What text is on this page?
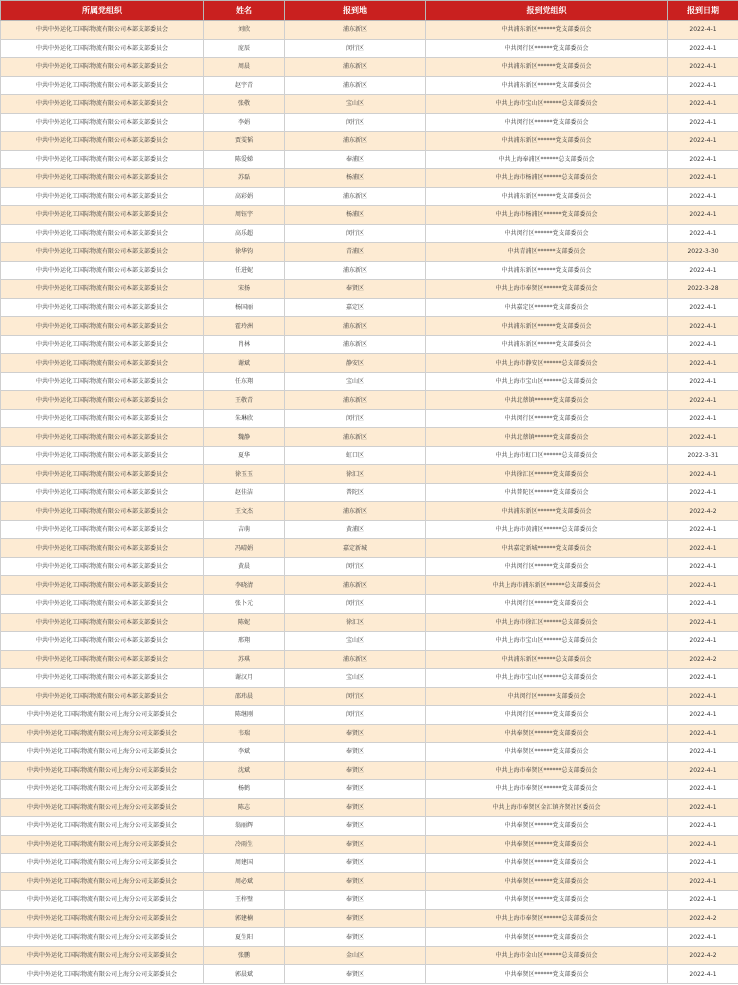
所属党组织	姓名	报到地	报到党组织	报到日期
中共中外运化工国际物流有限公司本部支部委员会	刘欣	浦东新区	中共浦东新区******党支部委员会	2022-4-1
中共中外运化工国际物流有限公司本部支部委员会	庞辰	闵行区	中共闵行区******党支部委员会	2022-4-1
中共中外运化工国际物流有限公司本部支部委员会	周晨	浦东新区	中共浦东新区******党支部委员会	2022-4-1
中共中外运化工国际物流有限公司本部支部委员会	赵宇青	浦东新区	中共浦东新区******党支部委员会	2022-4-1
中共中外运化工国际物流有限公司本部支部委员会	张敬	宝山区	中共上海市宝山区******总支部委员会	2022-4-1
中共中外运化工国际物流有限公司本部支部委员会	李娟	闵行区	中共闵行区******党支部委员会	2022-4-1
中共中外运化工国际物流有限公司本部支部委员会	贾雯韬	浦东新区	中共浦东新区******党支部委员会	2022-4-1
中共中外运化工国际物流有限公司本部支部委员会	陈爱娣	奉浦区	中共上海奉浦区******总支部委员会	2022-4-1
中共中外运化工国际物流有限公司本部支部委员会	苏磊	杨浦区	中共上海市杨浦区******总支部委员会	2022-4-1
中共中外运化工国际物流有限公司本部支部委员会	高彩娟	浦东新区	中共浦东新区******党支部委员会	2022-4-1
中共中外运化工国际物流有限公司本部支部委员会	周钰宇	杨浦区	中共上海市杨浦区******党支部委员会	2022-4-1
中共中外运化工国际物流有限公司本部支部委员会	高乐超	闵行区	中共闵行区******党支部委员会	2022-4-1
中共中外运化工国际物流有限公司本部支部委员会	徐华钧	青浦区	中共青浦区******支部委员会	2022-3-30
中共中外运化工国际物流有限公司本部支部委员会	任进妮	浦东新区	中共浦东新区******党支部委员会	2022-4-1
中共中外运化工国际物流有限公司本部支部委员会	宋扬	奉贤区	中共上海市奉贤区******党支部委员会	2022-3-28
中共中外运化工国际物流有限公司本部支部委员会	杨国丽	嘉定区	中共嘉定区******党支部委员会	2022-4-1
中共中外运化工国际物流有限公司本部支部委员会	霍玲洲	浦东新区	中共浦东新区******党支部委员会	2022-4-1
中共中外运化工国际物流有限公司本部支部委员会	肖林	浦东新区	中共浦东新区******党支部委员会	2022-4-1
中共中外运化工国际物流有限公司本部支部委员会	谢斌	静安区	中共上海市静安区******总支部委员会	2022-4-1
中共中外运化工国际物流有限公司本部支部委员会	任东翔	宝山区	中共上海市宝山区******总支部委员会	2022-4-1
中共中外运化工国际物流有限公司本部支部委员会	王敬青	浦东新区	中共北蔡镇******党支部委员会	2022-4-1
中共中外运化工国际物流有限公司本部支部委员会	朱琳欣	闵行区	中共闵行区******党支部委员会	2022-4-1
中共中外运化工国际物流有限公司本部支部委员会	魏静	浦东新区	中共北蔡镇******党支部委员会	2022-4-1
中共中外运化工国际物流有限公司本部支部委员会	夏华	虹口区	中共上海市虹口区******总支部委员会	2022-3-31
中共中外运化工国际物流有限公司本部支部委员会	徐玉玉	徐汇区	中共徐汇区******党支部委员会	2022-4-1
中共中外运化工国际物流有限公司本部支部委员会	赵佳洁	普陀区	中共普陀区******党支部委员会	2022-4-1
中共中外运化工国际物流有限公司本部支部委员会	王文杰	浦东新区	中共浦东新区******党支部委员会	2022-4-2
中共中外运化工国际物流有限公司本部支部委员会	吉萌	黄浦区	中共上海市黄浦区******总支部委员会	2022-4-1
中共中外运化工国际物流有限公司本部支部委员会	冯晴娟	嘉定新城	中共嘉定新城******党支部委员会	2022-4-1
中共中外运化工国际物流有限公司本部支部委员会	黄晨	闵行区	中共闵行区******党支部委员会	2022-4-1
中共中外运化工国际物流有限公司本部支部委员会	李晓清	浦东新区	中共上海市浦东新区******总支部委员会	2022-4-1
中共中外运化工国际物流有限公司本部支部委员会	张卜元	闵行区	中共闵行区******党支部委员会	2022-4-1
中共中外运化工国际物流有限公司本部支部委员会	陈妮	徐汇区	中共上海市徐汇区******总支部委员会	2022-4-1
中共中外运化工国际物流有限公司本部支部委员会	邢翔	宝山区	中共上海市宝山区******总支部委员会	2022-4-1
中共中外运化工国际物流有限公司本部支部委员会	苏琪	浦东新区	中共浦东新区******总支部委员会	2022-4-2
中共中外运化工国际物流有限公司本部支部委员会	谢汉月	宝山区	中共上海市宝山区******总支部委员会	2022-4-1
中共中外运化工国际物流有限公司本部支部委员会	邵玮晨	闵行区	中共闵行区******支部委员会	2022-4-1
中共中外运化工国际物流有限公司上海分公司支部委员会	陈继刚	闵行区	中共闵行区******党支部委员会	2022-4-1
中共中外运化工国际物流有限公司上海分公司支部委员会	韦瑞	奉贤区	中共奉贤区******党支部委员会	2022-4-1
中共中外运化工国际物流有限公司上海分公司支部委员会	李斌	奉贤区	中共奉贤区******党支部委员会	2022-4-1
中共中外运化工国际物流有限公司上海分公司支部委员会	沈斌	奉贤区	中共上海市奉贤区******总支部委员会	2022-4-1
中共中外运化工国际物流有限公司上海分公司支部委员会	杨鹤	奉贤区	中共上海市奉贤区******党支部委员会	2022-4-1
中共中外运化工国际物流有限公司上海分公司支部委员会	陈志	奉贤区	中共上海市奉贤区金汇镇齐贤社区委员会	2022-4-1
中共中外运化工国际物流有限公司上海分公司支部委员会	翁丽辉	奉贤区	中共奉贤区******党支部委员会	2022-4-1
中共中外运化工国际物流有限公司上海分公司支部委员会	冷雨生	奉贤区	中共奉贤区******党支部委员会	2022-4-1
中共中外运化工国际物流有限公司上海分公司支部委员会	周建国	奉贤区	中共奉贤区******党支部委员会	2022-4-1
中共中外运化工国际物流有限公司上海分公司支部委员会	周必斌	奉贤区	中共奉贤区******党支部委员会	2022-4-1
中共中外运化工国际物流有限公司上海分公司支部委员会	王梓璧	奉贤区	中共奉贤区******党支部委员会	2022-4-1
中共中外运化工国际物流有限公司上海分公司支部委员会	郭建楠	奉贤区	中共上海市奉贤区******总支部委员会	2022-4-2
中共中外运化工国际物流有限公司上海分公司支部委员会	夏生阳	奉贤区	中共奉贤区******党支部委员会	2022-4-1
中共中外运化工国际物流有限公司上海分公司支部委员会	张鹏	金山区	中共上海市金山区******总支部委员会	2022-4-2
中共中外运化工国际物流有限公司上海分公司支部委员会	郭晨斌	奉贤区	中共奉贤区******党支部委员会	2022-4-1
